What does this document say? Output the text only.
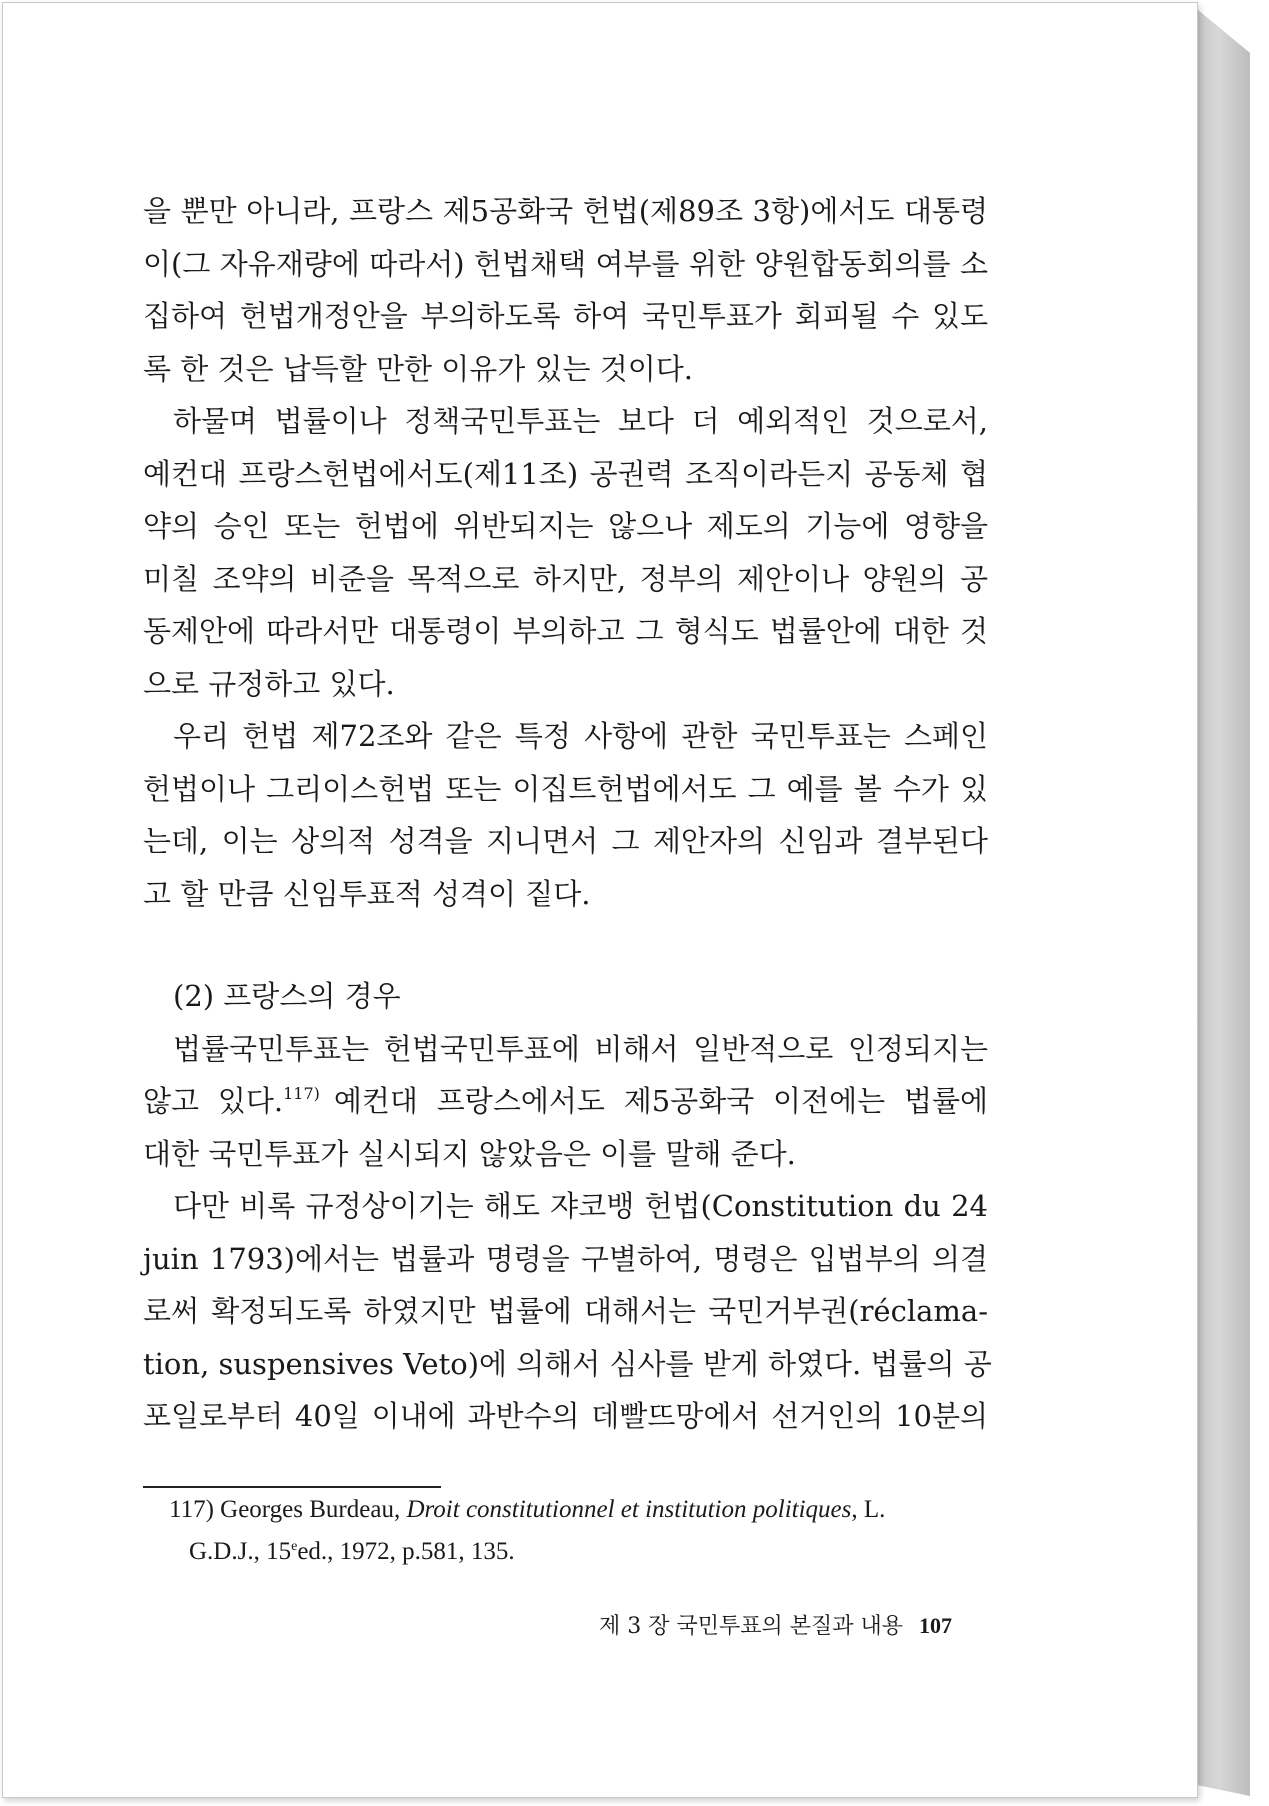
을 뿐만 아니라, 프랑스 제5공화국 헌법(제89조 3항)에서도 대통령
이(그 자유재량에 따라서) 헌법채택 여부를 위한 양원합동회의를 소
집하여 헌법개정안을 부의하도록 하여 국민투표가 회피될 수 있도
록 한 것은 납득할 만한 이유가 있는 것이다.
하물며 법률이나 정책국민투표는 보다 더 예외적인 것으로서,
예컨대 프랑스헌법에서도(제11조) 공권력 조직이라든지 공동체 협
약의 승인 또는 헌법에 위반되지는 않으나 제도의 기능에 영향을
미칠 조약의 비준을 목적으로 하지만, 정부의 제안이나 양원의 공
동제안에 따라서만 대통령이 부의하고 그 형식도 법률안에 대한 것
으로 규정하고 있다.
우리 헌법 제72조와 같은 특정 사항에 관한 국민투표는 스페인
헌법이나 그리이스헌법 또는 이집트헌법에서도 그 예를 볼 수가 있
는데, 이는 상의적 성격을 지니면서 그 제안자의 신임과 결부된다
고 할 만큼 신임투표적 성격이 짙다.
(2) 프랑스의 경우
법률국민투표는 헌법국민투표에 비해서 일반적으로 인정되지는
않고 있다.$^{117)}$ 예컨대 프랑스에서도 제5공화국 이전에는 법률에
대한 국민투표가 실시되지 않았음은 이를 말해 준다.
다만 비록 규정상이기는 해도 쟈코뱅 헌법(Constitution du 24
juin 1793)에서는 법률과 명령을 구별하여, 명령은 입법부의 의결
로써 확정되도록 하였지만 법률에 대해서는 국민거부권(réclama-
tion, suspensives Veto)에 의해서 심사를 받게 하였다. 법률의 공
포일로부터 40일 이내에 과반수의 데빨뜨망에서 선거인의 10분의
117) Georges Burdeau, Droit constitutionnel et institution politiques, L.
G.D.J., 15eed., 1972, p.581, 135.
제 3 장 국민투표의 본질과 내용 107
